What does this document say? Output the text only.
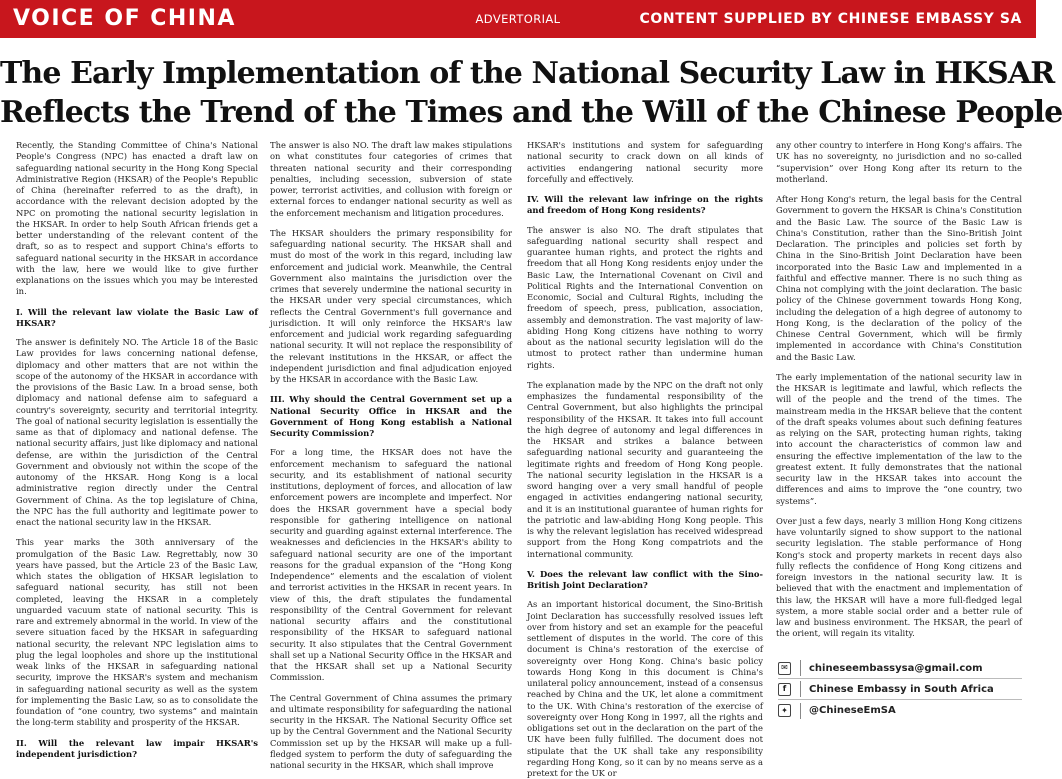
VOICE OF CHINA	ADVERTORIAL	CONTENT SUPPLIED BY CHINESE EMBASSY SA
The Early Implementation of the National Security Law in HKSAR
Reflects the Trend of the Times and the Will of the Chinese People

Recently, the Standing Committee of China's National People's Congress (NPC) has enacted a draft law on safeguarding national security in the Hong Kong Special Administrative Region (HKSAR) of the People's Republic of China (hereinafter referred to as the draft), in accordance with the relevant decision adopted by the NPC on promoting the national security legislation in the HKSAR. In order to help South African friends get a better understanding of the relevant content of the draft, so as to respect and support China's efforts to safeguard national security in the HKSAR in accordance with the law, here we would like to give further explanations on the issues which you may be interested in.

I. Will the relevant law violate the Basic Law of HKSAR?

The answer is definitely NO. The Article 18 of the Basic Law provides for laws concerning national defense, diplomacy and other matters that are not within the scope of the autonomy of the HKSAR in accordance with the provisions of the Basic Law. In a broad sense, both diplomacy and national defense aim to safeguard a country's sovereignty, security and territorial integrity. The goal of national security legislation is essentially the same as that of diplomacy and national defense. The national security affairs, just like diplomacy and national defense, are within the jurisdiction of the Central Government and obviously not within the scope of the autonomy of the HKSAR. Hong Kong is a local administrative region directly under the Central Government of China. As the top legislature of China, the NPC has the full authority and legitimate power to enact the national security law in the HKSAR.

This year marks the 30th anniversary of the promulgation of the Basic Law. Regrettably, now 30 years have passed, but the Article 23 of the Basic Law, which states the obligation of HKSAR legislation to safeguard national security, has still not been completed, leaving the HKSAR in a completely unguarded vacuum state of national security. This is rare and extremely abnormal in the world. In view of the severe situation faced by the HKSAR in safeguarding national security, the relevant NPC legislation aims to plug the legal loopholes and shore up the institutional weak links of the HKSAR in safeguarding national security, improve the HKSAR's system and mechanism in safeguarding national security as well as the system for implementing the Basic Law, so as to consolidate the foundation of “one country, two systems” and maintain the long-term stability and prosperity of the HKSAR.

II. Will the relevant law impair HKSAR's independent jurisdiction?

The answer is also NO. The draft law makes stipulations on what constitutes four categories of crimes that threaten national security and their corresponding penalties, including secession, subversion of state power, terrorist activities, and collusion with foreign or external forces to endanger national security as well as the enforcement mechanism and litigation procedures.

The HKSAR shoulders the primary responsibility for safeguarding national security. The HKSAR shall and must do most of the work in this regard, including law enforcement and judicial work. Meanwhile, the Central Government also maintains the jurisdiction over the crimes that severely undermine the national security in the HKSAR under very special circumstances, which reflects the Central Government's full governance and jurisdiction. It will only reinforce the HKSAR's law enforcement and judicial work regarding safeguarding national security. It will not replace the responsibility of the relevant institutions in the HKSAR, or affect the independent jurisdiction and final adjudication enjoyed by the HKSAR in accordance with the Basic Law.

III. Why should the Central Government set up a National Security Office in HKSAR and the Government of Hong Kong establish a National Security Commission?

For a long time, the HKSAR does not have the enforcement mechanism to safeguard the national security, and its establishment of national security institutions, deployment of forces, and allocation of law enforcement powers are incomplete and imperfect. Nor does the HKSAR government have a special body responsible for gathering intelligence on national security and guarding against external interference. The weaknesses and deficiencies in the HKSAR's ability to safeguard national security are one of the important reasons for the gradual expansion of the “Hong Kong Independence” elements and the escalation of violent and terrorist activities in the HKSAR in recent years. In view of this, the draft stipulates the fundamental responsibility of the Central Government for relevant national security affairs and the constitutional responsibility of the HKSAR to safeguard national security. It also stipulates that the Central Government shall set up a National Security Office in the HKSAR and that the HKSAR shall set up a National Security Commission.

The Central Government of China assumes the primary and ultimate responsibility for safeguarding the national security in the HKSAR. The National Security Office set up by the Central Government and the National Security Commission set up by the HKSAR will make up a full-fledged system to perform the duty of safeguarding the national security in the HKSAR, which shall improve

HKSAR's institutions and system for safeguarding national security to crack down on all kinds of activities endangering national security more forcefully and effectively.

IV. Will the relevant law infringe on the rights and freedom of Hong Kong residents?

The answer is also NO. The draft stipulates that safeguarding national security shall respect and guarantee human rights, and protect the rights and freedom that all Hong Kong residents enjoy under the Basic Law, the International Covenant on Civil and Political Rights and the International Convention on Economic, Social and Cultural Rights, including the freedom of speech, press, publication, association, assembly and demonstration. The vast majority of law-abiding Hong Kong citizens have nothing to worry about as the national security legislation will do the utmost to protect rather than undermine human rights.

The explanation made by the NPC on the draft not only emphasizes the fundamental responsibility of the Central Government, but also highlights the principal responsibility of the HKSAR. It takes into full account the high degree of autonomy and legal differences in the HKSAR and strikes a balance between safeguarding national security and guaranteeing the legitimate rights and freedom of Hong Kong people. The national security legislation in the HKSAR is a sword hanging over a very small handful of people engaged in activities endangering national security, and it is an institutional guarantee of human rights for the patriotic and law-abiding Hong Kong people. This is why the relevant legislation has received widespread support from the Hong Kong compatriots and the international community.

V. Does the relevant law conflict with the Sino-British Joint Declaration?

As an important historical document, the Sino-British Joint Declaration has successfully resolved issues left over from history and set an example for the peaceful settlement of disputes in the world. The core of this document is China's restoration of the exercise of sovereignty over Hong Kong. China's basic policy towards Hong Kong in this document is China's unilateral policy announcement, instead of a consensus reached by China and the UK, let alone a commitment to the UK. With China's restoration of the exercise of sovereignty over Hong Kong in 1997, all the rights and obligations set out in the declaration on the part of the UK have been fully fulfilled. The document does not stipulate that the UK shall take any responsibility regarding Hong Kong, so it can by no means serve as a pretext for the UK or

any other country to interfere in Hong Kong's affairs. The UK has no sovereignty, no jurisdiction and no so-called “supervision” over Hong Kong after its return to the motherland.

After Hong Kong's return, the legal basis for the Central Government to govern the HKSAR is China's Constitution and the Basic Law. The source of the Basic Law is China's Constitution, rather than the Sino-British Joint Declaration. The principles and policies set forth by China in the Sino-British Joint Declaration have been incorporated into the Basic Law and implemented in a faithful and effective manner. There is no such thing as China not complying with the joint declaration. The basic policy of the Chinese government towards Hong Kong, including the delegation of a high degree of autonomy to Hong Kong, is the declaration of the policy of the Chinese Central Government, which will be firmly implemented in accordance with China's Constitution and the Basic Law.

The early implementation of the national security law in the HKSAR is legitimate and lawful, which reflects the will of the people and the trend of the times. The mainstream media in the HKSAR believe that the content of the draft speaks volumes about such defining features as relying on the SAR, protecting human rights, taking into account the characteristics of common law and ensuring the effective implementation of the law to the greatest extent. It fully demonstrates that the national security law in the HKSAR takes into account the differences and aims to improve the “one country, two systems”.

Over just a few days, nearly 3 million Hong Kong citizens have voluntarily signed to show support to the national security legislation. The stable performance of Hong Kong's stock and property markets in recent days also fully reflects the confidence of Hong Kong citizens and foreign investors in the national security law. It is believed that with the enactment and implementation of this law, the HKSAR will have a more full-fledged legal system, a more stable social order and a better rule of law and business environment. The HKSAR, the pearl of the orient, will regain its vitality.

✉	chineseembassysa@gmail.com
f	Chinese Embassy in South Africa
✦	@ChineseEmSA
